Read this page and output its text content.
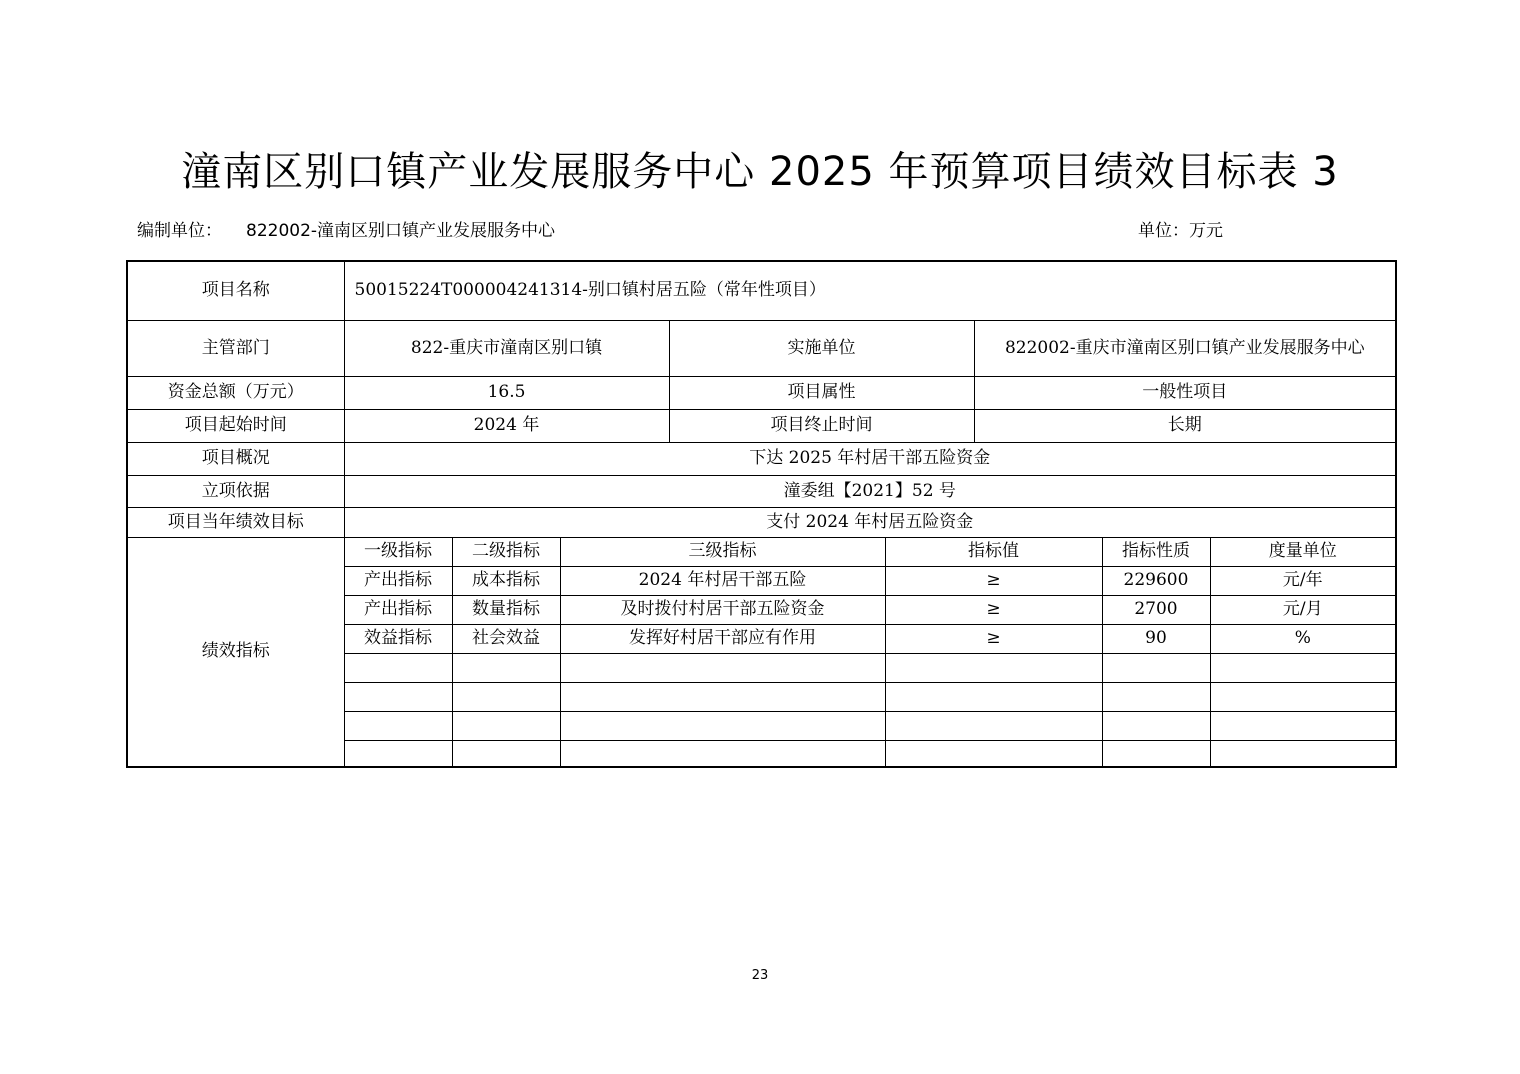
潼南区别口镇产业发展服务中心 2025 年预算项目绩效目标表 3
编制单位： 822002-潼南区别口镇产业发展服务中心	单位：万元
项目名称	50015224T000004241314-别口镇村居五险（常年性项目）							
主管部门	822-重庆市潼南区别口镇			实施单位		822002-重庆市潼南区别口镇产业发展服务中心		
资金总额（万元）	16.5			项目属性		一般性项目		
项目起始时间	2024 年			项目终止时间		长期		
项目概况	下达 2025 年村居干部五险资金							
立项依据	潼委组【2021】52 号							
项目当年绩效目标	支付 2024 年村居五险资金							
绩效指标	一级指标	二级指标	三级指标		指标值		指标性质	度量单位
	产出指标	成本指标	2024 年村居干部五险		≥		229600	元/年
	产出指标	数量指标	及时拨付村居干部五险资金		≥		2700	元/月
	效益指标	社会效益	发挥好村居干部应有作用		≥		90	%

23
